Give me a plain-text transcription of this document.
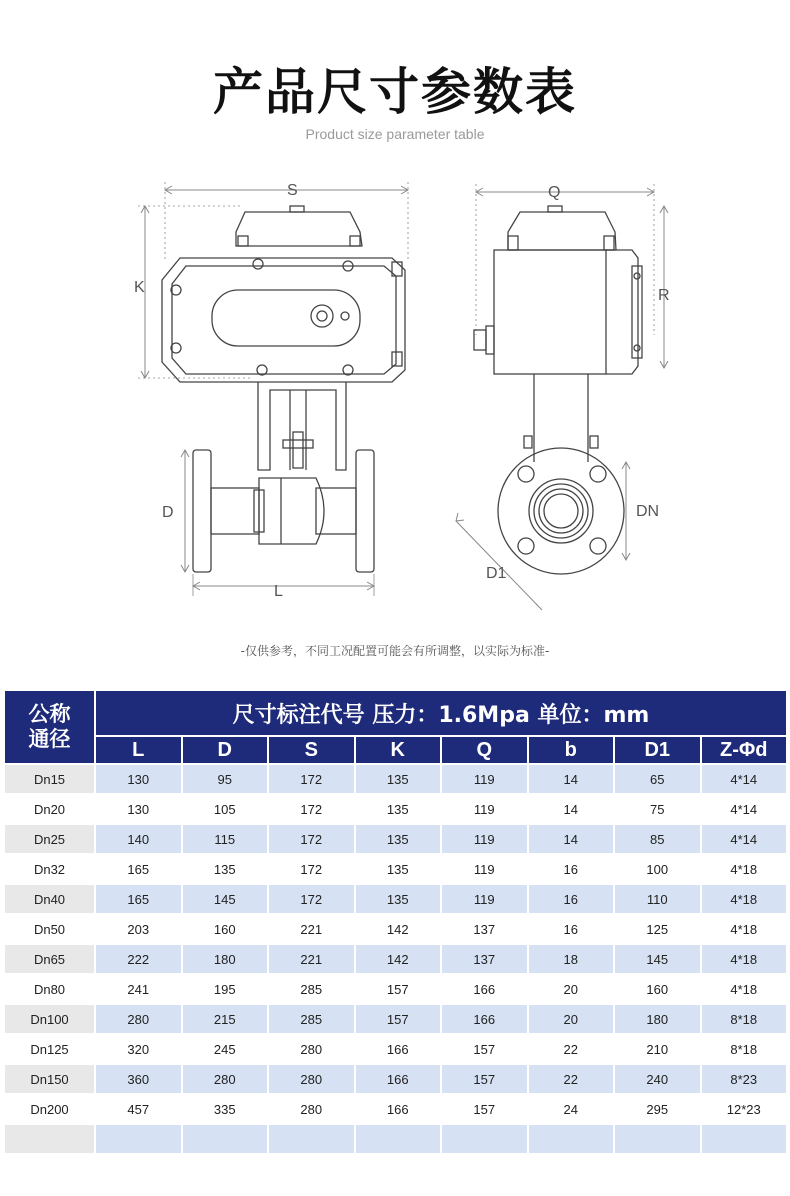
产品尺寸参数表
Product size parameter table
S
K
D
L
D1
Q
R
DN
-仅供参考，不同工况配置可能会有所调整，以实际为标准-
公称
通径	尺寸标注代号 压力：1.6Mpa 单位：mm							
	L	D	S	K	Q	b	D1	Z-Φd
Dn15	130	95	172	135	119	14	65	4*14
Dn20	130	105	172	135	119	14	75	4*14
Dn25	140	115	172	135	119	14	85	4*14
Dn32	165	135	172	135	119	16	100	4*18
Dn40	165	145	172	135	119	16	110	4*18
Dn50	203	160	221	142	137	16	125	4*18
Dn65	222	180	221	142	137	18	145	4*18
Dn80	241	195	285	157	166	20	160	4*18
Dn100	280	215	285	157	166	20	180	8*18
Dn125	320	245	280	166	157	22	210	8*18
Dn150	360	280	280	166	157	22	240	8*23
Dn200	457	335	280	166	157	24	295	12*23
